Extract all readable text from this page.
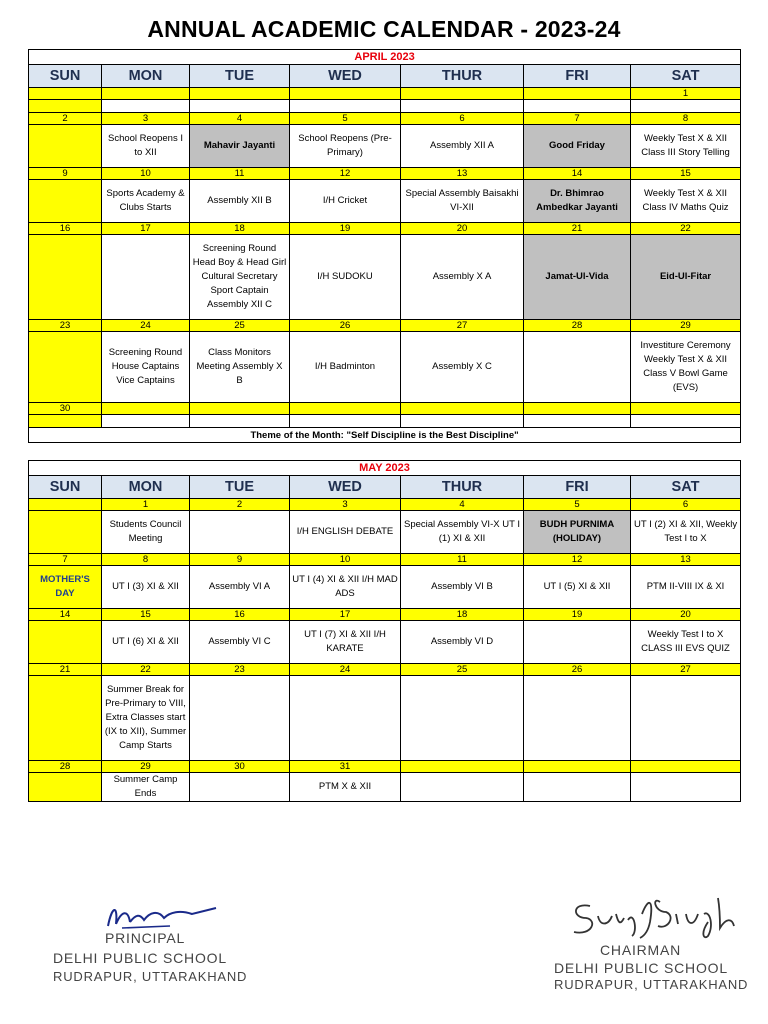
ANNUAL ACADEMIC CALENDAR - 2023-24
APRIL 2023						
SUN	MON	TUE	WED	THUR	FRI	SAT
						1

2	3	4	5	6	7	8
	School Reopens I to XII	Mahavir Jayanti	School Reopens (Pre-Primary)	Assembly XII A	Good Friday	Weekly Test X & XII Class III Story Telling
9	10	11	12	13	14	15
	Sports Academy & Clubs Starts	Assembly XII B	I/H Cricket	Special Assembly Baisakhi VI-XII	Dr. Bhimrao Ambedkar Jayanti	Weekly Test X & XII Class IV Maths Quiz
16	17	18	19	20	21	22
		Screening Round Head Boy & Head Girl Cultural Secretary Sport Captain Assembly XII C	I/H SUDOKU	Assembly X A	Jamat-Ul-Vida	Eid-Ul-Fitar
23	24	25	26	27	28	29
	Screening Round House Captains Vice Captains	Class Monitors Meeting Assembly X B	I/H Badminton	Assembly X C		Investiture Ceremony Weekly Test X & XII Class V Bowl Game (EVS)
30						

Theme of the Month: "Self Discipline is the Best Discipline"						
MAY 2023						
SUN	MON	TUE	WED	THUR	FRI	SAT
	1	2	3	4	5	6
	Students Council Meeting		I/H ENGLISH DEBATE	Special Assembly VI-X UT I (1) XI & XII	BUDH PURNIMA (HOLIDAY)	UT I (2) XI & XII, Weekly Test I to X
7	8	9	10	11	12	13
MOTHER'S DAY	UT I (3) XI & XII	Assembly VI A	UT I (4) XI & XII I/H MAD ADS	Assembly VI B	UT I (5) XI & XII	PTM II-VIII IX & XI
14	15	16	17	18	19	20
	UT I (6) XI & XII	Assembly VI C	UT I (7) XI & XII I/H KARATE	Assembly VI D		Weekly Test I to X CLASS III EVS QUIZ
21	22	23	24	25	26	27
	Summer Break for Pre-Primary to VIII, Extra Classes start (IX to XII), Summer Camp Starts					
28	29	30	31			
	Summer Camp Ends		PTM X & XII			
PRINCIPAL
DELHI PUBLIC SCHOOL
RUDRAPUR, UTTARAKHAND
CHAIRMAN
DELHI PUBLIC SCHOOL
RUDRAPUR, UTTARAKHAND
